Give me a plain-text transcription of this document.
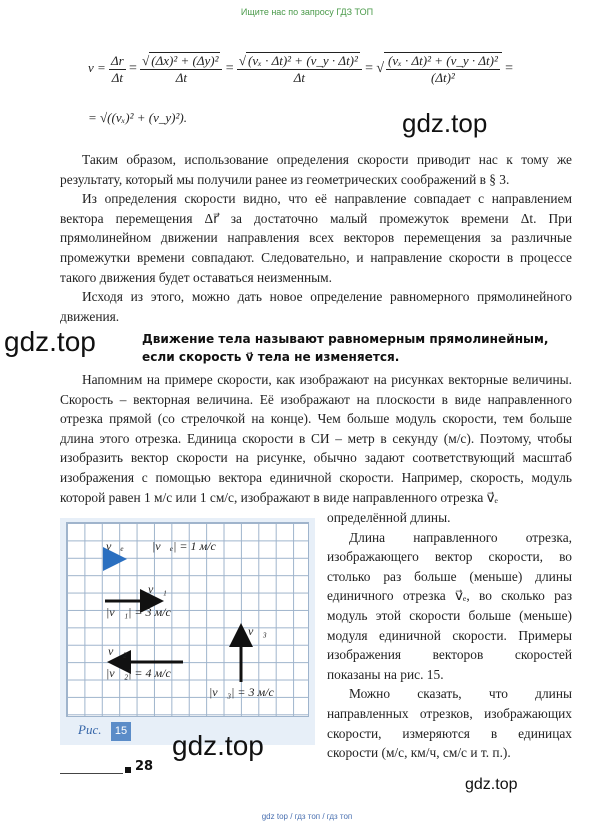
Ищите нас по запросу ГДЗ ТОП
$v = \frac{\Delta r}{\Delta t} = \frac{\text{√ (Δx)² + (Δy)²}}{\Delta t} = \frac{\text{√ (vₓ · Δt)² + (v\_y · Δt)²}}{\Delta t}$ = √ $\frac{\text{(vₓ · Δt)² + (v\_y · Δt)²}}{\text{(Δt)²}}$ =
= √((vₓ)² + (v_y)²).	gdz.top

Таким образом, использование определения скорости приводит нас к тому же результату, который мы получили ранее из геометрических соображений в § 3.

Из определения скорости видно, что её направление совпадает с направлением вектора перемещения Δr⃗ за достаточно малый промежуток времени Δt. При прямолинейном движении направления всех векторов перемещения за различные промежутки времени совпадают. Следовательно, и направление скорости в процессе такого движения будет оставаться неизменным.

Исходя из этого, можно дать новое определение равномерного прямолинейного движения.

gdz.top	Движение тела называют равномерным прямолинейным, если скорость v⃗ тела не изменяется.

Напомним на примере скорости, как изображают на рисунках векторные величины. Скорость – векторная величина. Её изображают на плоскости в виде направленного отрезка прямой (со стрелочкой на конце). Чем больше модуль скорости, тем больше длина этого отрезка. Единица скорости в СИ – метр в секунду (м/с). Поэтому, чтобы изобразить вектор скорости на рисунке, обычно задают соответствующий масштаб изображения с помощью вектора единичной скорости. Например, скорость, модуль которой равен 1 м/с или 1 см/с, изображают в виде направленного отрезка v⃗ₑ

v⃗ₑ |v⃗ₑ| = 1 м/с
v⃗₁
|v⃗₁| = 3 м/с
v⃗₂
|v⃗₂| = 4 м/с
v⃗₃
|v⃗₃| = 3 м/с
Рис.	15

определённой длины.

Длина направленного отрезка, изображающего вектор скорости, во столько раз больше (меньше) длины единичного отрезка v⃗ₑ, во сколько раз модуль этой скорости больше (меньше) модуля единичной скорости. Примеры изображения векторов скоростей показаны на рис. 15.

Можно сказать, что длины направленных отрезков, изображающих скорости, измеряются в единицах скорости (м/с, км/ч, см/с и т. п.).

gdz.top
gdz.top
28
gdz top / гдз топ / гдз топ
